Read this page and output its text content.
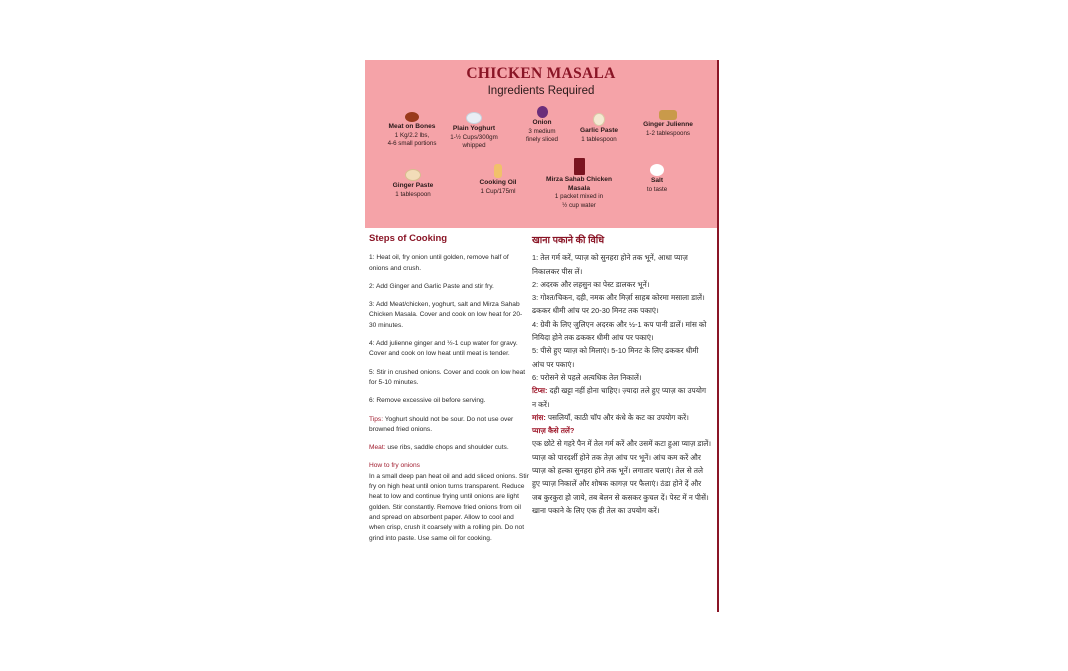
CHICKEN MASALA
Ingredients Required
Meat on Bones
1 Kg/2.2 lbs,
4-6 small portions
Plain Yoghurt
1-½ Cups/300gm
whipped
Onion
3 medium
finely sliced
Garlic Paste
1 tablespoon
Ginger Julienne
1-2 tablespoons
Ginger Paste
1 tablespoon
Cooking Oil
1 Cup/175ml
Mirza Sahab Chicken Masala
1 packet mixed in
½ cup water
Salt
to taste
Steps of Cooking

1: Heat oil, fry onion until golden, remove half of onions and crush.

2: Add Ginger and Garlic Paste and stir fry.

3: Add Meat/chicken, yoghurt, salt and Mirza Sahab Chicken Masala. Cover and cook on low heat for 20-30 minutes.

4: Add julienne ginger and ½-1 cup water for gravy. Cover and cook on low heat until meat is tender.

5: Stir in crushed onions. Cover and cook on low heat for 5-10 minutes.

6: Remove excessive oil before serving.

Tips: Yoghurt should not be sour. Do not use over browned fried onions.

Meat: use ribs, saddle chops and shoulder cuts.

How to fry onions
In a small deep pan heat oil and add sliced onions. Stir fry on high heat until onion turns transparent. Reduce heat to low and continue frying until onions are light golden. Stir constantly. Remove fried onions from oil and spread on absorbent paper. Allow to cool and when crisp, crush it coarsely with a rolling pin. Do not grind into paste. Use same oil for cooking.

खाना पकाने की विधि

1: तेल गर्म करें, प्याज़ को सुनहरा होने तक भूनें, आधा प्याज़ निकालकर पीस लें।

2: अदरक और लहसुन का पेस्ट डालकर भूनें।

3: गोश्त/चिकन, दही, नमक और मिर्ज़ा साहब कोरमा मसाला डालें। ढककर धीमी आंच पर 20-30 मिनट तक पकाएं।

4: ग्रेवी के लिए जुलिएन अदरक और ½-1 कप पानी डालें। मांस को नियिदा होने तक ढककर धीमी आंच पर पकाएं।

5: पीसे हुए प्याज़ को मिलाएं। 5-10 मिनट के लिए ढककर धीमी आंच पर पकाएं।

6: परोसने से पहले अत्यधिक तेल निकालें।

टिप्स: दही खट्टा नहीं होना चाहिए। ज़्यादा तले हुए प्याज़ का उपयोग न करें।

मांस: पसलियाँ, काठी चॉप और कंधे के कट का उपयोग करें।

प्याज़ कैसे तलें?

एक छोटे से गहरे पैन में तेल गर्म करें और उसमें कटा हुआ प्याज़ डालें। प्याज़ को पारदर्शी होने तक तेज़ आंच पर भूनें। आंच कम करें और प्याज़ को हल्का सुनहरा होने तक भूनें। लगातार चलाएं। तेल से तले हुए प्याज़ निकालें और शोषक कागज़ पर फैलाएं। ठंडा होने दें और जब कुरकुरा हो जाये, तब बेलन से कसकर कुचल दें। पेस्ट में न पीसें। खाना पकाने के लिए एक ही तेल का उपयोग करें।
